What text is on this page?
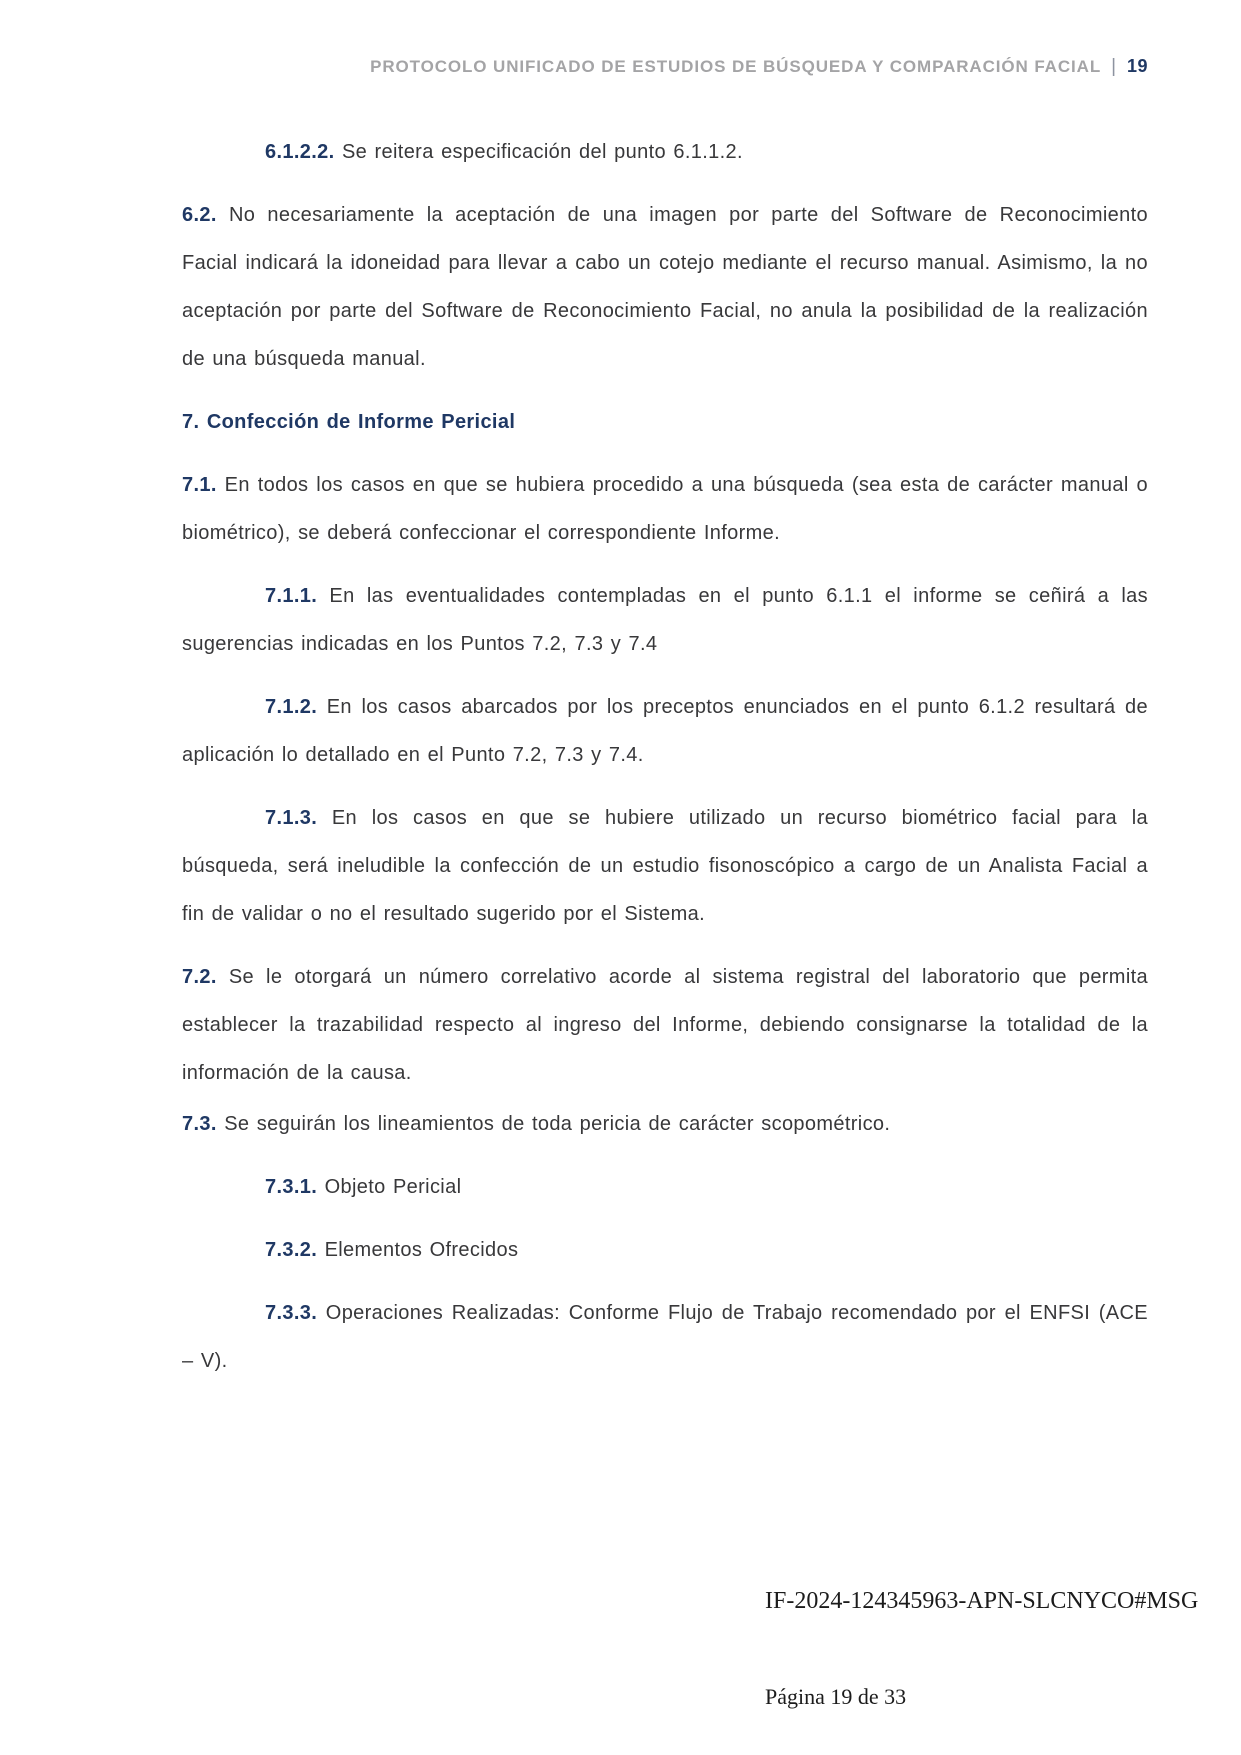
PROTOCOLO UNIFICADO DE ESTUDIOS DE BÚSQUEDA Y COMPARACIÓN FACIAL | 19

6.1.2.2. Se reitera especificación del punto 6.1.1.2.

6.2. No necesariamente la aceptación de una imagen por parte del Software de Reconocimiento Facial indicará la idoneidad para llevar a cabo un cotejo mediante el recurso manual. Asimismo, la no aceptación por parte del Software de Reconocimiento Facial, no anula la posibilidad de la realización de una búsqueda manual.

7. Confección de Informe Pericial

7.1. En todos los casos en que se hubiera procedido a una búsqueda (sea esta de carácter manual o biométrico), se deberá confeccionar el correspondiente Informe.

7.1.1. En las eventualidades contempladas en el punto 6.1.1 el informe se ceñirá a las sugerencias indicadas en los Puntos 7.2, 7.3 y 7.4

7.1.2. En los casos abarcados por los preceptos enunciados en el punto 6.1.2 resultará de aplicación lo detallado en el Punto 7.2, 7.3 y 7.4.

7.1.3. En los casos en que se hubiere utilizado un recurso biométrico facial para la búsqueda, será ineludible la confección de un estudio fisonoscópico a cargo de un Analista Facial a fin de validar o no el resultado sugerido por el Sistema.

7.2. Se le otorgará un número correlativo acorde al sistema registral del laboratorio que permita establecer la trazabilidad respecto al ingreso del Informe, debiendo consignarse la totalidad de la información de la causa.

7.3. Se seguirán los lineamientos de toda pericia de carácter scopométrico.

7.3.1. Objeto Pericial

7.3.2. Elementos Ofrecidos

7.3.3. Operaciones Realizadas: Conforme Flujo de Trabajo recomendado por el ENFSI (ACE – V).

IF-2024-124345963-APN-SLCNYCO#MSG
Página 19 de 33
